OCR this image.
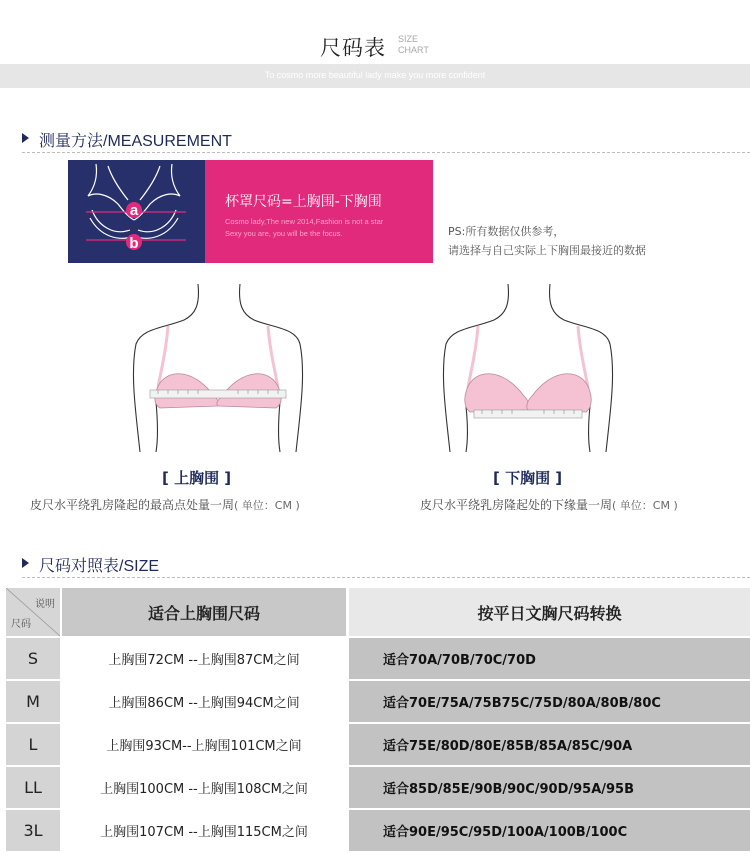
尺码表 SIZE
CHART
To cosmo more beautiful lady make you more confident
测量方法/MEASUREMENT
a
b
杯罩尺码=上胸围-下胸围
Cosmo lady,The new 2014,Fashion is not a star
Sexy you are, you will be the focus.	PS:所有数据仅供参考，
请选择与自己实际上下胸围最接近的数据
[ 上胸围 ]
皮尺水平绕乳房隆起的最高点处量一周( 单位：CM )
[ 下胸围 ]
皮尺水平绕乳房隆起处的下缘量一周( 单位：CM )
尺码对照表/SIZE
说明
尺码
适合上胸围尺码	按平日文胸尺码转换
S	上胸围72CM --上胸围87CM之间	适合70A/70B/70C/70D
M	上胸围86CM --上胸围94CM之间	适合70E/75A/75B75C/75D/80A/80B/80C
L	上胸围93CM--上胸围101CM之间	适合75E/80D/80E/85B/85A/85C/90A
LL	上胸围100CM --上胸围108CM之间	适合85D/85E/90B/90C/90D/95A/95B
3L	上胸围107CM --上胸围115CM之间	适合90E/95C/95D/100A/100B/100C
